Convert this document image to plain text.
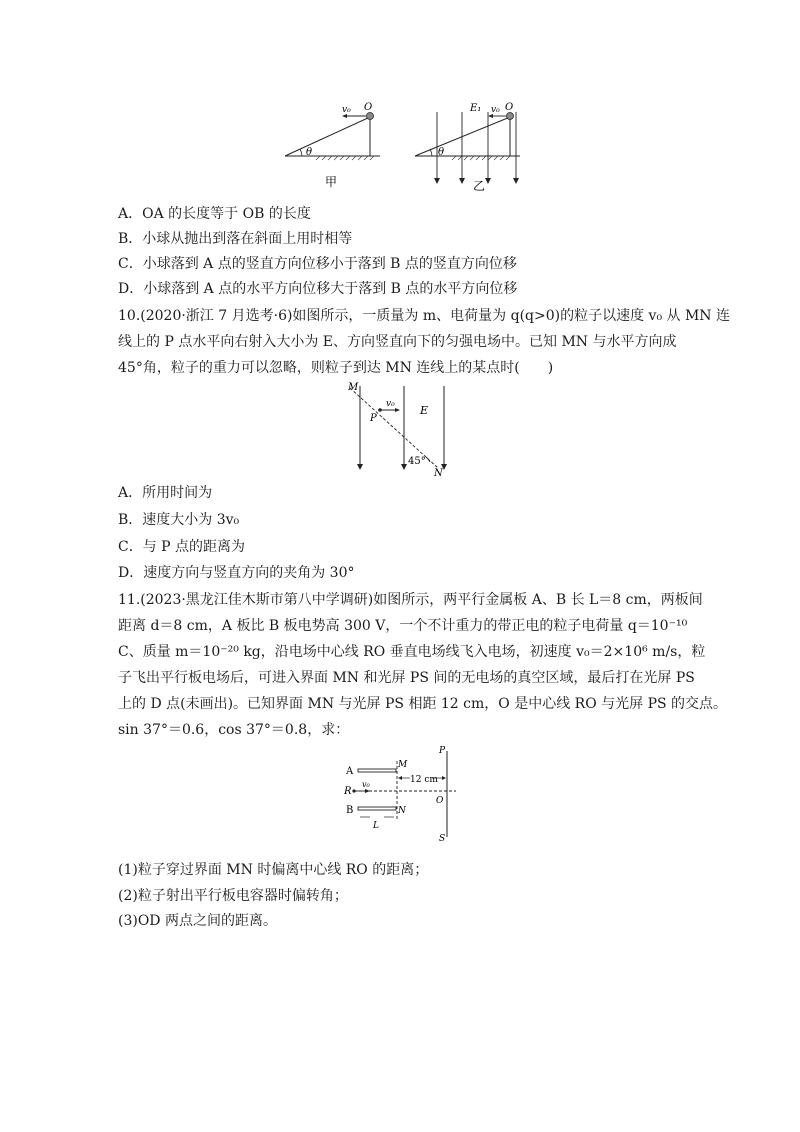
v₀ O
θ
甲
E₁ v₀ O
θ
乙
A．OA 的长度等于 OB 的长度
B．小球从抛出到落在斜面上用时相等
C．小球落到 A 点的竖直方向位移小于落到 B 点的竖直方向位移
D．小球落到 A 点的水平方向位移大于落到 B 点的水平方向位移
10.(2020·浙江 7 月选考·6)如图所示，一质量为 m、电荷量为 q(q>0)的粒子以速度 v₀ 从 MN 连
线上的 P 点水平向右射入大小为 E、方向竖直向下的匀强电场中。已知 MN 与水平方向成
45°角，粒子的重力可以忽略，则粒子到达 MN 连线上的某点时(　　)
M
P
v₀ E
45°
N
A．所用时间为
B．速度大小为 3v₀
C．与 P 点的距离为
D．速度方向与竖直方向的夹角为 30°
11.(2023·黑龙江佳木斯市第八中学调研)如图所示，两平行金属板 A、B 长 L＝8 cm，两板间
距离 d＝8 cm，A 板比 B 板电势高 300 V，一个不计重力的带正电的粒子电荷量 q＝10⁻¹⁰
C、质量 m＝10⁻²⁰ kg，沿电场中心线 RO 垂直电场线飞入电场，初速度 v₀＝2×10⁶ m/s，粒
子飞出平行板电场后，可进入界面 MN 和光屏 PS 间的无电场的真空区域，最后打在光屏 PS
上的 D 点(未画出)。已知界面 MN 与光屏 PS 相距 12 cm，O 是中心线 RO 与光屏 PS 的交点。
sin 37°＝0.6，cos 37°＝0.8，求：
A
B
R
v₀
M
N
P
S
O
12 cm
L
(1)粒子穿过界面 MN 时偏离中心线 RO 的距离；
(2)粒子射出平行板电容器时偏转角；
(3)OD 两点之间的距离。
